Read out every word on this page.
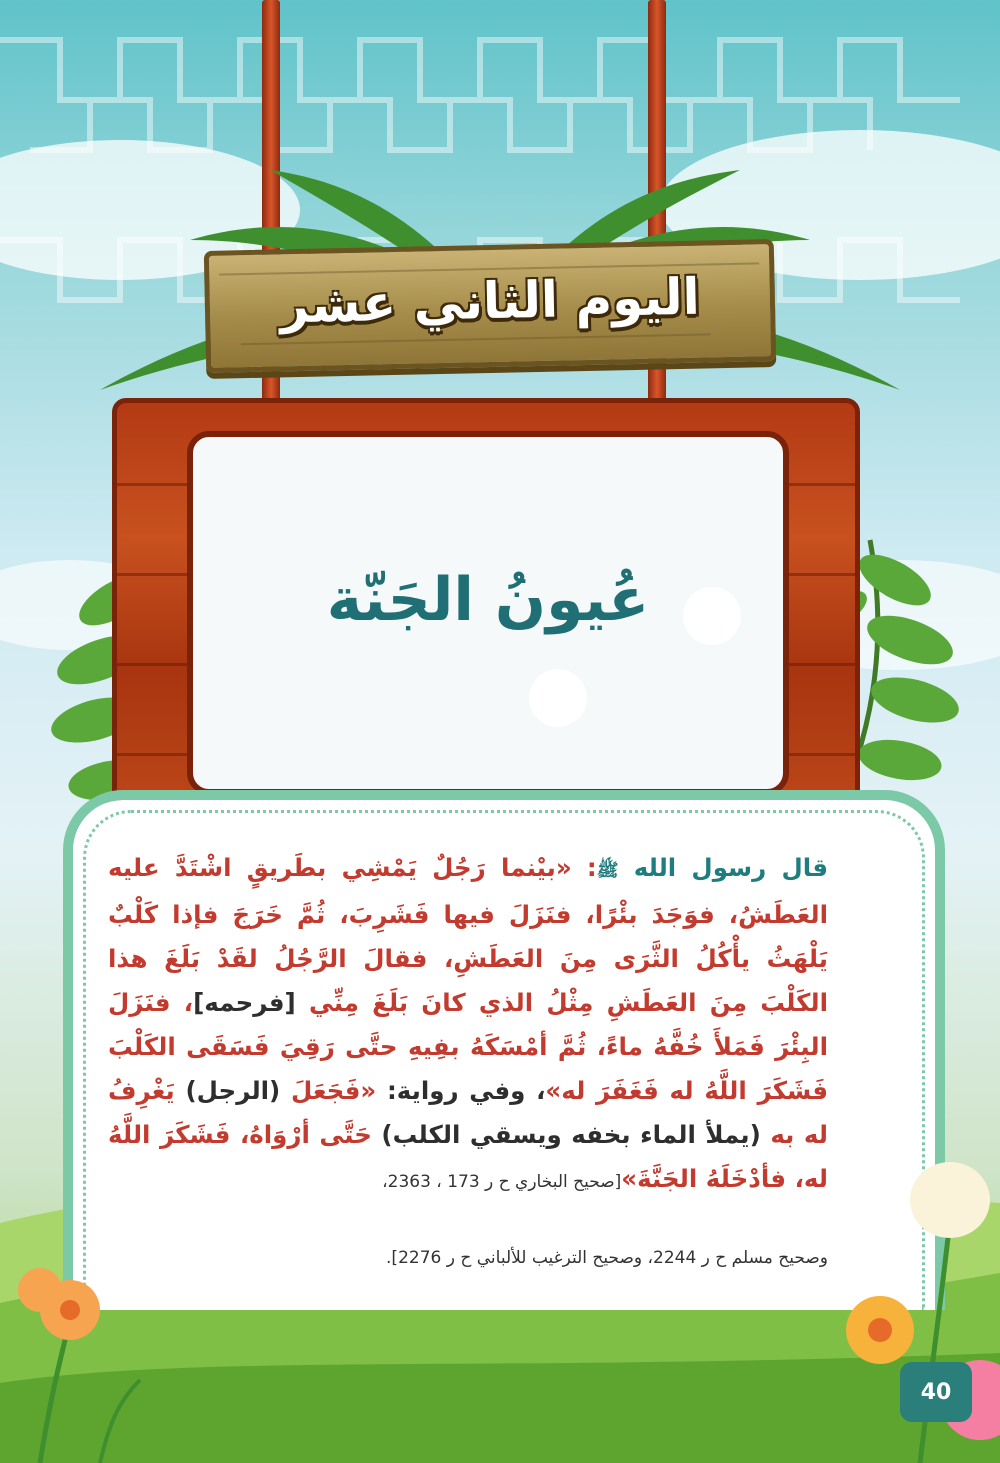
اليوم الثاني عشر
عُيونُ الجَنّة
قال رسول الله ﷺ: «بيْنما رَجُلٌ يَمْشِي بطَريقٍ اشْتَدَّ عليه العَطَشُ، فوَجَدَ بئْرًا، فنَزَلَ فيها فَشَرِبَ، ثُمَّ خَرَجَ فإذا كَلْبٌ يَلْهَثُ يأْكُلُ الثَّرَى مِنَ العَطَشِ، فقالَ الرَّجُلُ لقَدْ بَلَغَ هذا الكَلْبَ مِنَ العَطَشِ مِثْلُ الذي كانَ بَلَغَ مِنِّي [فرحمه]، فنَزَلَ البِئْرَ فَمَلأَ خُفَّهُ ماءً، ثُمَّ أمْسَكَهُ بفِيهِ حتَّى رَقِيَ فَسَقَى الكَلْبَ فَشَكَرَ اللَّهُ له فَغَفَرَ له»، وفي رواية: «فَجَعَلَ (الرجل) يَغْرِفُ له به (يملأ الماء بخفه ويسقي الكلب) حَتَّى أرْوَاهُ، فَشَكَرَ اللَّهُ له، فأدْخَلَهُ الجَنَّةَ»[صحيح البخاري ح ر 173 ، 2363،
وصحيح مسلم ح ر 2244، وصحيح الترغيب للألباني ح ر 2276].
40
